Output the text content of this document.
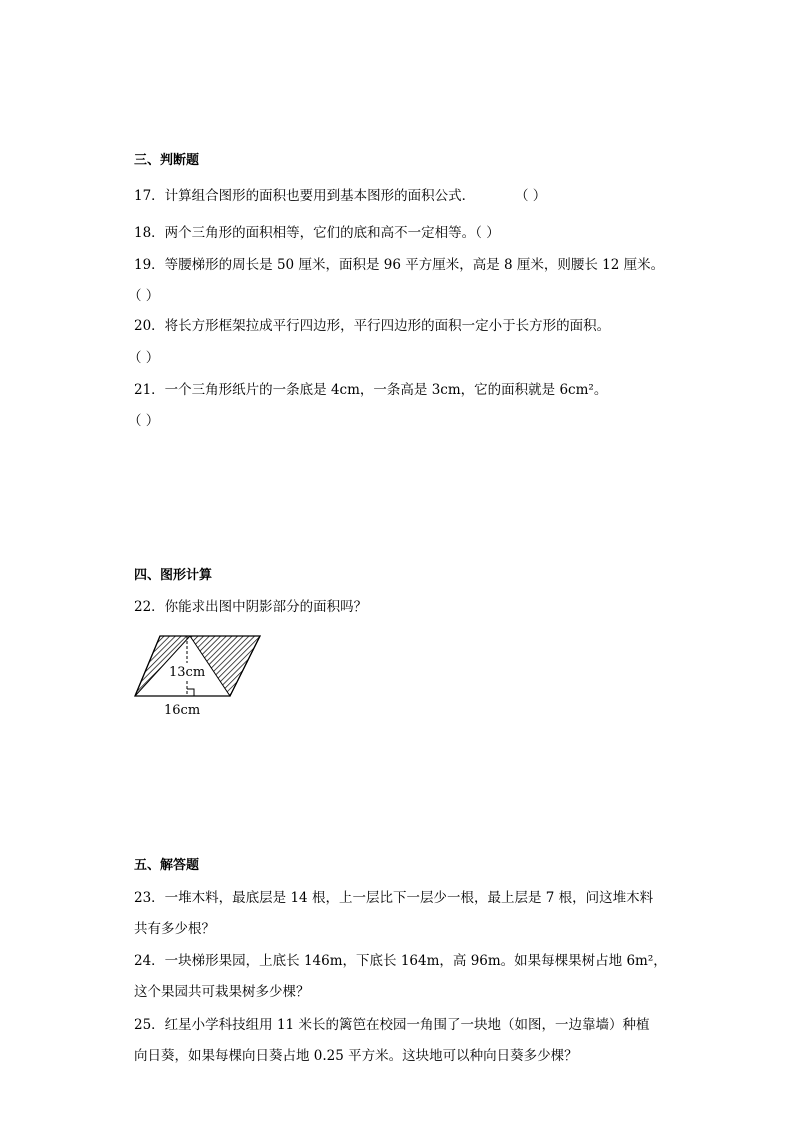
三、判断题
17．计算组合图形的面积也要用到基本图形的面积公式．	（ ）
18．两个三角形的面积相等，它们的底和高不一定相等。（ ）
19．等腰梯形的周长是 50 厘米，面积是 96 平方厘米，高是 8 厘米，则腰长 12 厘米。
（ ）
20．将长方形框架拉成平行四边形，平行四边形的面积一定小于长方形的面积。
（ ）
21．一个三角形纸片的一条底是 4cm，一条高是 3cm，它的面积就是 6cm²。
（ ）
四、图形计算
22．你能求出图中阴影部分的面积吗？
13cm
16cm
五、解答题
23．一堆木料，最底层是 14 根，上一层比下一层少一根，最上层是 7 根，问这堆木料
共有多少根？
24．一块梯形果园，上底长 146m，下底长 164m，高 96m。如果每棵果树占地 6m²，
这个果园共可栽果树多少棵？
25．红星小学科技组用 11 米长的篱笆在校园一角围了一块地（如图，一边靠墙）种植
向日葵，如果每棵向日葵占地 0.25 平方米。这块地可以种向日葵多少棵？
